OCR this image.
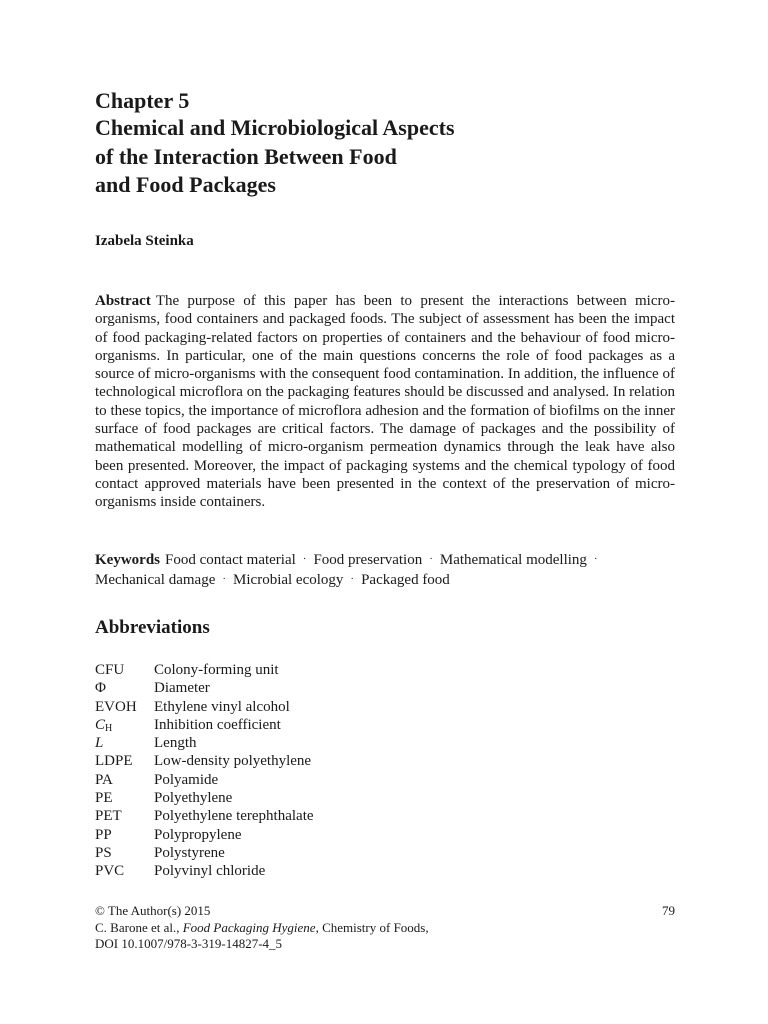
Chapter 5
Chemical and Microbiological Aspects
of the Interaction Between Food
and Food Packages
Izabela Steinka
Abstract The purpose of this paper has been to present the interactions between micro-organisms, food containers and packaged foods. The subject of assessment has been the impact of food packaging-related factors on properties of containers and the behaviour of food micro-organisms. In particular, one of the main questions concerns the role of food packages as a source of micro-organisms with the consequent food contamination. In addition, the influence of technological microflora on the packaging features should be discussed and analysed. In relation to these topics, the importance of microflora adhesion and the formation of biofilms on the inner surface of food packages are critical factors. The damage of packages and the possibility of mathematical modelling of micro-organism permeation dynamics through the leak have also been presented. Moreover, the impact of packaging systems and the chemical typology of food contact approved materials have been presented in the context of the preservation of micro-organisms inside containers.
Keywords Food contact material · Food preservation · Mathematical modelling ·
Mechanical damage · Microbial ecology · Packaged food
Abbreviations
CFU	Colony-forming unit
Φ	Diameter
EVOH	Ethylene vinyl alcohol
$C_H$	Inhibition coefficient
L	Length
LDPE	Low-density polyethylene
PA	Polyamide
PE	Polyethylene
PET	Polyethylene terephthalate
PP	Polypropylene
PS	Polystyrene
PVC	Polyvinyl chloride
© The Author(s) 2015
C. Barone et al., Food Packaging Hygiene, Chemistry of Foods,
DOI 10.1007/978-3-319-14827-4_5
79
